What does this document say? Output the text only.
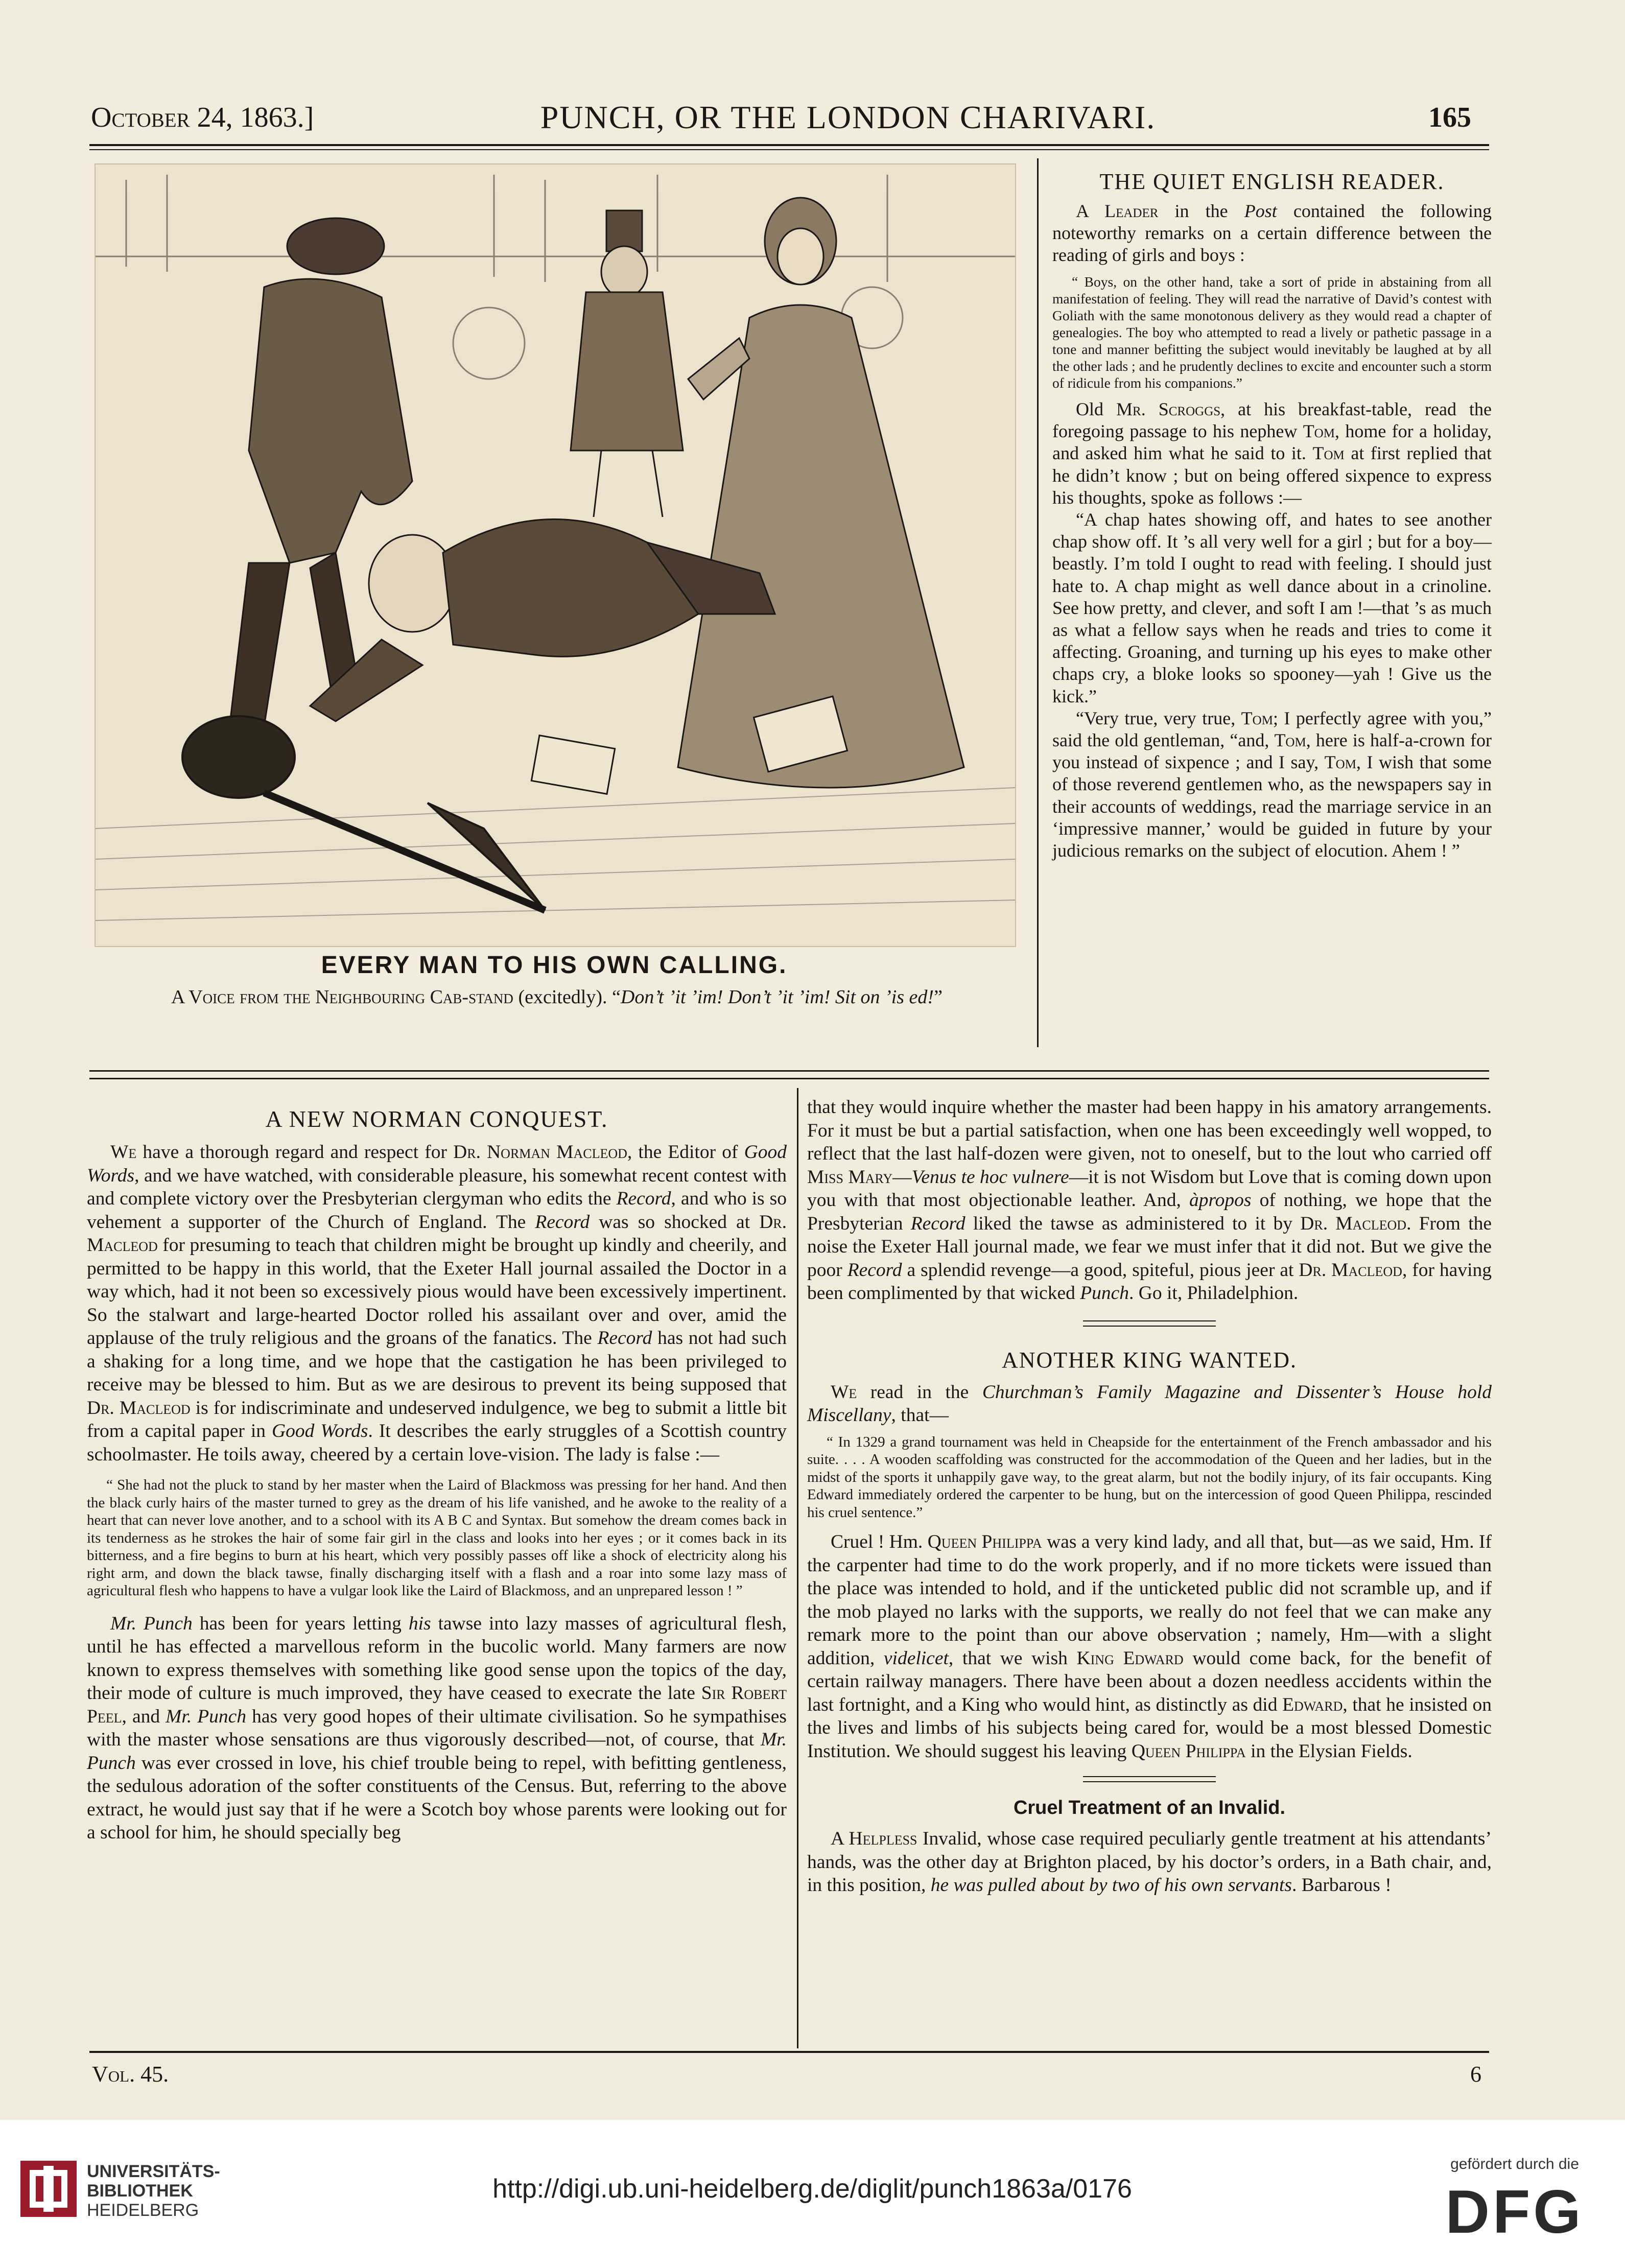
October 24, 1863.]	PUNCH, OR THE LONDON CHARIVARI.	165
EVERY MAN TO HIS OWN CALLING.
A Voice from the Neighbouring Cab-stand (excitedly). “Don’t ’it ’im! Don’t ’it ’im! Sit on ’is ed!”
THE QUIET ENGLISH READER.

A Leader in the Post contained the following noteworthy remarks on a certain difference between the reading of girls and boys :

“ Boys, on the other hand, take a sort of pride in abstaining from all manifestation of feeling. They will read the narrative of David’s contest with Goliath with the same monotonous delivery as they would read a chapter of genealogies. The boy who attempted to read a lively or pathetic passage in a tone and manner befitting the subject would inevitably be laughed at by all the other lads ; and he prudently declines to excite and encounter such a storm of ridicule from his companions.”

Old Mr. Scroggs, at his breakfast-table, read the foregoing passage to his nephew Tom, home for a holiday, and asked him what he said to it. Tom at first replied that he didn’t know ; but on being offered sixpence to express his thoughts, spoke as follows :—

“A chap hates showing off, and hates to see another chap show off. It ’s all very well for a girl ; but for a boy—beastly. I’m told I ought to read with feeling. I should just hate to. A chap might as well dance about in a crinoline. See how pretty, and clever, and soft I am !—that ’s as much as what a fellow says when he reads and tries to come it affecting. Groaning, and turning up his eyes to make other chaps cry, a bloke looks so spooney—yah ! Give us the kick.”

“Very true, very true, Tom; I perfectly agree with you,” said the old gentleman, “and, Tom, here is half-a-crown for you instead of sixpence ; and I say, Tom, I wish that some of those reverend gentlemen who, as the newspapers say in their accounts of weddings, read the marriage service in an ‘impressive manner,’ would be guided in future by your judicious remarks on the subject of elocution. Ahem ! ”

A NEW NORMAN CONQUEST.

We have a thorough regard and respect for Dr. Norman Macleod, the Editor of Good Words, and we have watched, with considerable pleasure, his somewhat recent contest with and complete victory over the Presbyterian clergyman who edits the Record, and who is so vehement a supporter of the Church of England. The Record was so shocked at Dr. Macleod for presuming to teach that children might be brought up kindly and cheerily, and permitted to be happy in this world, that the Exeter Hall journal assailed the Doctor in a way which, had it not been so excessively pious would have been excessively impertinent. So the stalwart and large-hearted Doctor rolled his assailant over and over, amid the applause of the truly religious and the groans of the fanatics. The Record has not had such a shaking for a long time, and we hope that the castigation he has been privileged to receive may be blessed to him. But as we are desirous to prevent its being supposed that Dr. Macleod is for indiscriminate and undeserved indulgence, we beg to submit a little bit from a capital paper in Good Words. It describes the early struggles of a Scottish country schoolmaster. He toils away, cheered by a certain love-vision. The lady is false :—

“ She had not the pluck to stand by her master when the Laird of Blackmoss was pressing for her hand. And then the black curly hairs of the master turned to grey as the dream of his life vanished, and he awoke to the reality of a heart that can never love another, and to a school with its A B C and Syntax. But somehow the dream comes back in its tenderness as he strokes the hair of some fair girl in the class and looks into her eyes ; or it comes back in its bitterness, and a fire begins to burn at his heart, which very possibly passes off like a shock of electricity along his right arm, and down the black tawse, finally discharging itself with a flash and a roar into some lazy mass of agricultural flesh who happens to have a vulgar look like the Laird of Blackmoss, and an unprepared lesson ! ”

Mr. Punch has been for years letting his tawse into lazy masses of agricultural flesh, until he has effected a marvellous reform in the bucolic world. Many farmers are now known to express themselves with something like good sense upon the topics of the day, their mode of culture is much improved, they have ceased to execrate the late Sir Robert Peel, and Mr. Punch has very good hopes of their ultimate civilisation. So he sympathises with the master whose sensations are thus vigorously described—not, of course, that Mr. Punch was ever crossed in love, his chief trouble being to repel, with befitting gentleness, the sedulous adoration of the softer constituents of the Census. But, referring to the above extract, he would just say that if he were a Scotch boy whose parents were looking out for a school for him, he should specially beg

that they would inquire whether the master had been happy in his amatory arrangements. For it must be but a partial satisfaction, when one has been exceedingly well wopped, to reflect that the last half-dozen were given, not to oneself, but to the lout who carried off Miss Mary—Venus te hoc vulnere—it is not Wisdom but Love that is coming down upon you with that most objectionable leather. And, àpropos of nothing, we hope that the Presbyterian Record liked the tawse as administered to it by Dr. Macleod. From the noise the Exeter Hall journal made, we fear we must infer that it did not. But we give the poor Record a splendid revenge—a good, spiteful, pious jeer at Dr. Macleod, for having been complimented by that wicked Punch. Go it, Philadelphion.

ANOTHER KING WANTED.

We read in the Churchman’s Family Magazine and Dissenter’s House hold Miscellany, that—

“ In 1329 a grand tournament was held in Cheapside for the entertainment of the French ambassador and his suite. . . . A wooden scaffolding was constructed for the accommodation of the Queen and her ladies, but in the midst of the sports it unhappily gave way, to the great alarm, but not the bodily injury, of its fair occupants. King Edward immediately ordered the carpenter to be hung, but on the intercession of good Queen Philippa, rescinded his cruel sentence.”

Cruel ! Hm. Queen Philippa was a very kind lady, and all that, but—as we said, Hm. If the carpenter had time to do the work properly, and if no more tickets were issued than the place was intended to hold, and if the unticketed public did not scramble up, and if the mob played no larks with the supports, we really do not feel that we can make any remark more to the point than our above observation ; namely, Hm—with a slight addition, videlicet, that we wish King Edward would come back, for the benefit of certain railway managers. There have been about a dozen needless accidents within the last fortnight, and a King who would hint, as distinctly as did Edward, that he insisted on the lives and limbs of his subjects being cared for, would be a most blessed Domestic Institution. We should suggest his leaving Queen Philippa in the Elysian Fields.

Cruel Treatment of an Invalid.

A Helpless Invalid, whose case required peculiarly gentle treatment at his attendants’ hands, was the other day at Brighton placed, by his doctor’s orders, in a Bath chair, and, in this position, he was pulled about by two of his own servants. Barbarous !

Vol. 45.	6
UNIVERSITÄTS-
BIBLIOTHEK
HEIDELBERG
http://digi.ub.uni-heidelberg.de/diglit/punch1863a/0176
gefördert durch die
DFG
